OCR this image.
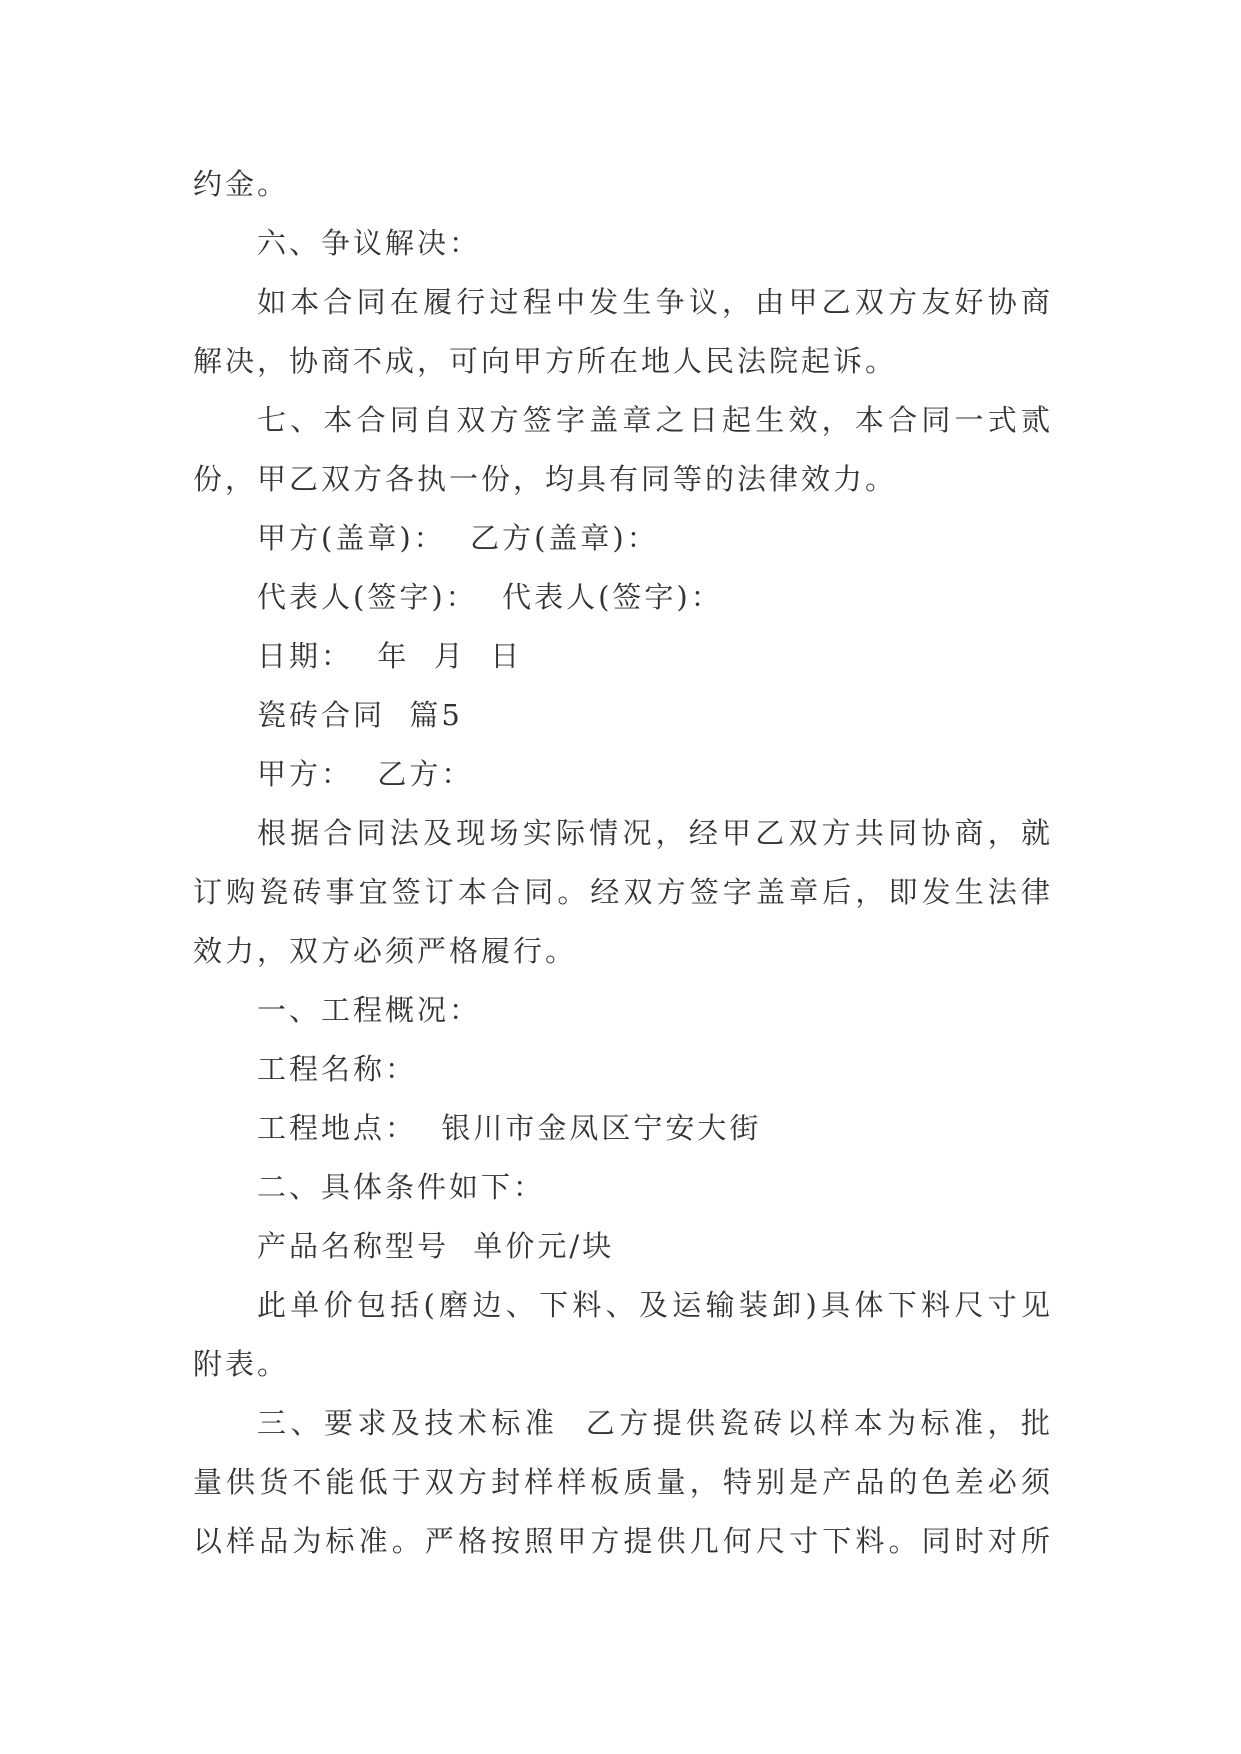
约金。
六、争议解决：
如本合同在履行过程中发生争议，由甲乙双方友好协商
解决，协商不成，可向甲方所在地人民法院起诉。
七、本合同自双方签字盖章之日起生效，本合同一式贰
份，甲乙双方各执一份，均具有同等的法律效力。
甲方(盖章)：  乙方(盖章)：
代表人(签字)：  代表人(签字)：
日期：  年  月  日
瓷砖合同  篇5
甲方：  乙方：
根据合同法及现场实际情况，经甲乙双方共同协商，就
订购瓷砖事宜签订本合同。经双方签字盖章后，即发生法律
效力，双方必须严格履行。
一、工程概况：
工程名称：
工程地点：  银川市金凤区宁安大街
二、具体条件如下：
产品名称型号  单价元/块
此单价包括(磨边、下料、及运输装卸)具体下料尺寸见
附表。
三、要求及技术标准  乙方提供瓷砖以样本为标准，批
量供货不能低于双方封样样板质量，特别是产品的色差必须
以样品为标准。严格按照甲方提供几何尺寸下料。同时对所
